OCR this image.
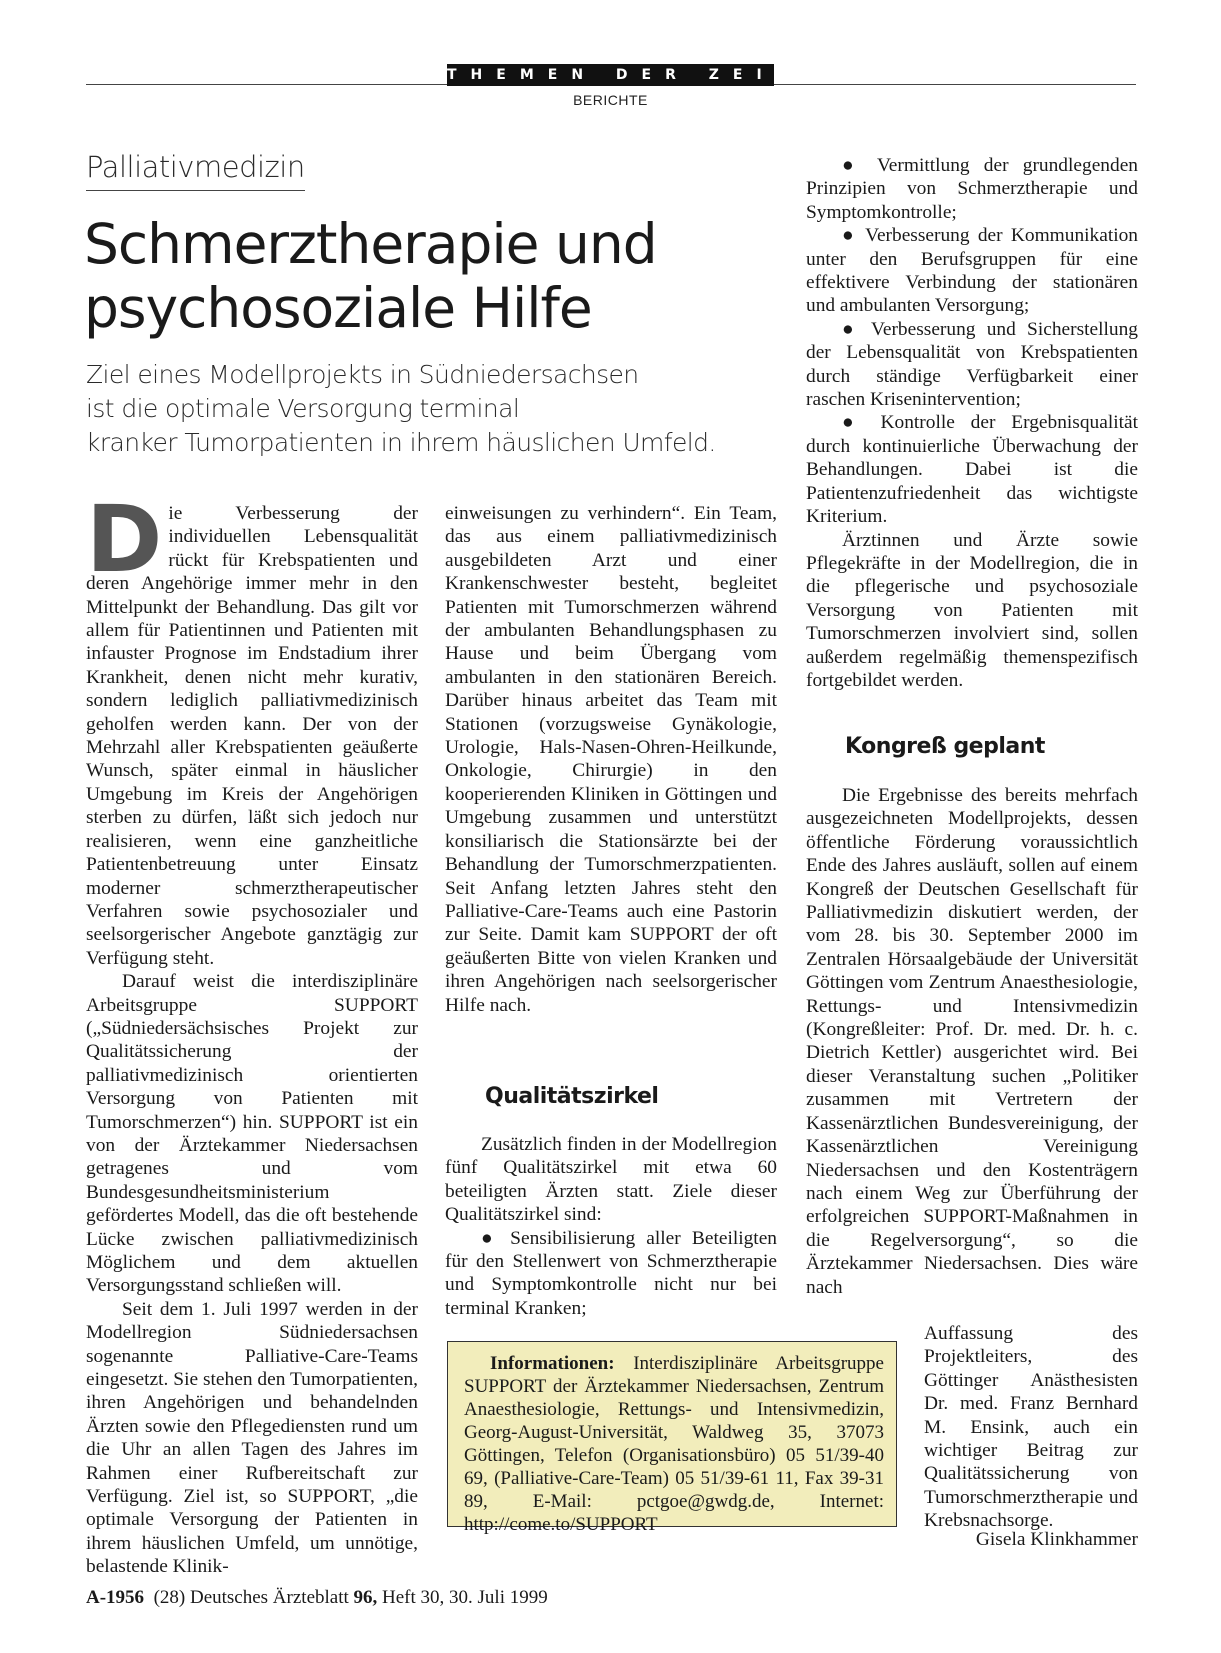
THEMEN DER ZEIT
BERICHTE
Palliativmedizin
Schmerztherapie und
psychosoziale Hilfe
Ziel eines Modellprojekts in Südniedersachsen
ist die optimale Versorgung terminal
kranker Tumorpatienten in ihrem häuslichen Umfeld.

Die Verbesserung der individuellen Lebensqualität rückt für Krebspatienten und deren Angehörige immer mehr in den Mittelpunkt der Behandlung. Das gilt vor allem für Patientinnen und Patienten mit infauster Prognose im Endstadium ihrer Krankheit, denen nicht mehr kurativ, sondern lediglich palliativmedizinisch geholfen werden kann. Der von der Mehrzahl aller Krebspatienten geäußerte Wunsch, später einmal in häuslicher Umgebung im Kreis der Angehörigen sterben zu dürfen, läßt sich jedoch nur realisieren, wenn eine ganzheitliche Patientenbetreuung unter Einsatz moderner schmerztherapeutischer Verfahren sowie psychosozialer und seelsorgerischer Angebote ganztägig zur Verfügung steht.

Darauf weist die interdisziplinäre Arbeitsgruppe SUPPORT („Südniedersächsisches Projekt zur Qualitätssicherung der palliativmedizinisch orientierten Versorgung von Patienten mit Tumorschmerzen“) hin. SUPPORT ist ein von der Ärztekammer Niedersachsen getragenes und vom Bundesgesundheitsministerium gefördertes Modell, das die oft bestehende Lücke zwischen palliativmedizinisch Möglichem und dem aktuellen Versorgungsstand schließen will.

Seit dem 1. Juli 1997 werden in der Modellregion Südniedersachsen sogenannte Palliative-Care-Teams eingesetzt. Sie stehen den Tumorpatienten, ihren Angehörigen und behandelnden Ärzten sowie den Pflegediensten rund um die Uhr an allen Tagen des Jahres im Rahmen einer Rufbereitschaft zur Verfügung. Ziel ist, so SUPPORT, „die optimale Versorgung der Patienten in ihrem häuslichen Umfeld, um unnötige, belastende Klinik-

einweisungen zu verhindern“. Ein Team, das aus einem palliativmedizinisch ausgebildeten Arzt und einer Krankenschwester besteht, begleitet Patienten mit Tumorschmerzen während der ambulanten Behandlungsphasen zu Hause und beim Übergang vom ambulanten in den stationären Bereich. Darüber hinaus arbeitet das Team mit Stationen (vorzugsweise Gynäkologie, Urologie, Hals-Nasen-Ohren-Heilkunde, Onkologie, Chirurgie) in den kooperierenden Kliniken in Göttingen und Umgebung zusammen und unterstützt konsiliarisch die Stationsärzte bei der Behandlung der Tumorschmerzpatienten. Seit Anfang letzten Jahres steht den Palliative-Care-Teams auch eine Pastorin zur Seite. Damit kam SUPPORT der oft geäußerten Bitte von vielen Kranken und ihren Angehörigen nach seelsorgerischer Hilfe nach.

Qualitätszirkel

Zusätzlich finden in der Modellregion fünf Qualitätszirkel mit etwa 60 beteiligten Ärzten statt. Ziele dieser Qualitätszirkel sind:

● Sensibilisierung aller Beteiligten für den Stellenwert von Schmerztherapie und Symptomkontrolle nicht nur bei terminal Kranken;

● Vermittlung der grundlegenden Prinzipien von Schmerztherapie und Symptomkontrolle;

● Verbesserung der Kommunikation unter den Berufsgruppen für eine effektivere Verbindung der stationären und ambulanten Versorgung;

● Verbesserung und Sicherstellung der Lebensqualität von Krebspatienten durch ständige Verfügbarkeit einer raschen Krisenintervention;

● Kontrolle der Ergebnisqualität durch kontinuierliche Überwachung der Behandlungen. Dabei ist die Patientenzufriedenheit das wichtigste Kriterium.

Ärztinnen und Ärzte sowie Pflegekräfte in der Modellregion, die in die pflegerische und psychosoziale Versorgung von Patienten mit Tumorschmerzen involviert sind, sollen außerdem regelmäßig themenspezifisch fortgebildet werden.

Kongreß geplant

Die Ergebnisse des bereits mehrfach ausgezeichneten Modellprojekts, dessen öffentliche Förderung voraussichtlich Ende des Jahres ausläuft, sollen auf einem Kongreß der Deutschen Gesellschaft für Palliativmedizin diskutiert werden, der vom 28. bis 30. September 2000 im Zentralen Hörsaalgebäude der Universität Göttingen vom Zentrum Anaesthesiologie, Rettungs- und Intensivmedizin (Kongreßleiter: Prof. Dr. med. Dr. h. c. Dietrich Kettler) ausgerichtet wird. Bei dieser Veranstaltung suchen „Politiker zusammen mit Vertretern der Kassenärztlichen Bundesvereinigung, der Kassenärztlichen Vereinigung Niedersachsen und den Kostenträgern nach einem Weg zur Überführung der erfolgreichen SUPPORT-Maßnahmen in die Regelversorgung“, so die Ärztekammer Niedersachsen. Dies wäre nach

Auffassung des Projektleiters, des Göttinger Anästhesisten Dr. med. Franz Bernhard M. Ensink, auch ein wichtiger Beitrag zur Qualitätssicherung von Tumorschmerztherapie und Krebsnachsorge.

Informationen: Interdisziplinäre Arbeitsgruppe SUPPORT der Ärztekammer Niedersachsen, Zentrum Anaesthesiologie, Rettungs- und Intensivmedizin, Georg-August-Universität, Waldweg 35, 37073 Göttingen, Telefon (Organisationsbüro) 05 51/39-40 69, (Palliative-Care-Team) 05 51/39-61 11, Fax 39-31 89, E-Mail: pctgoe@gwdg.de, Internet: http://come.to/SUPPORT

Gisela Klinkhammer
A-1956 (28) Deutsches Ärzteblatt 96, Heft 30, 30. Juli 1999
